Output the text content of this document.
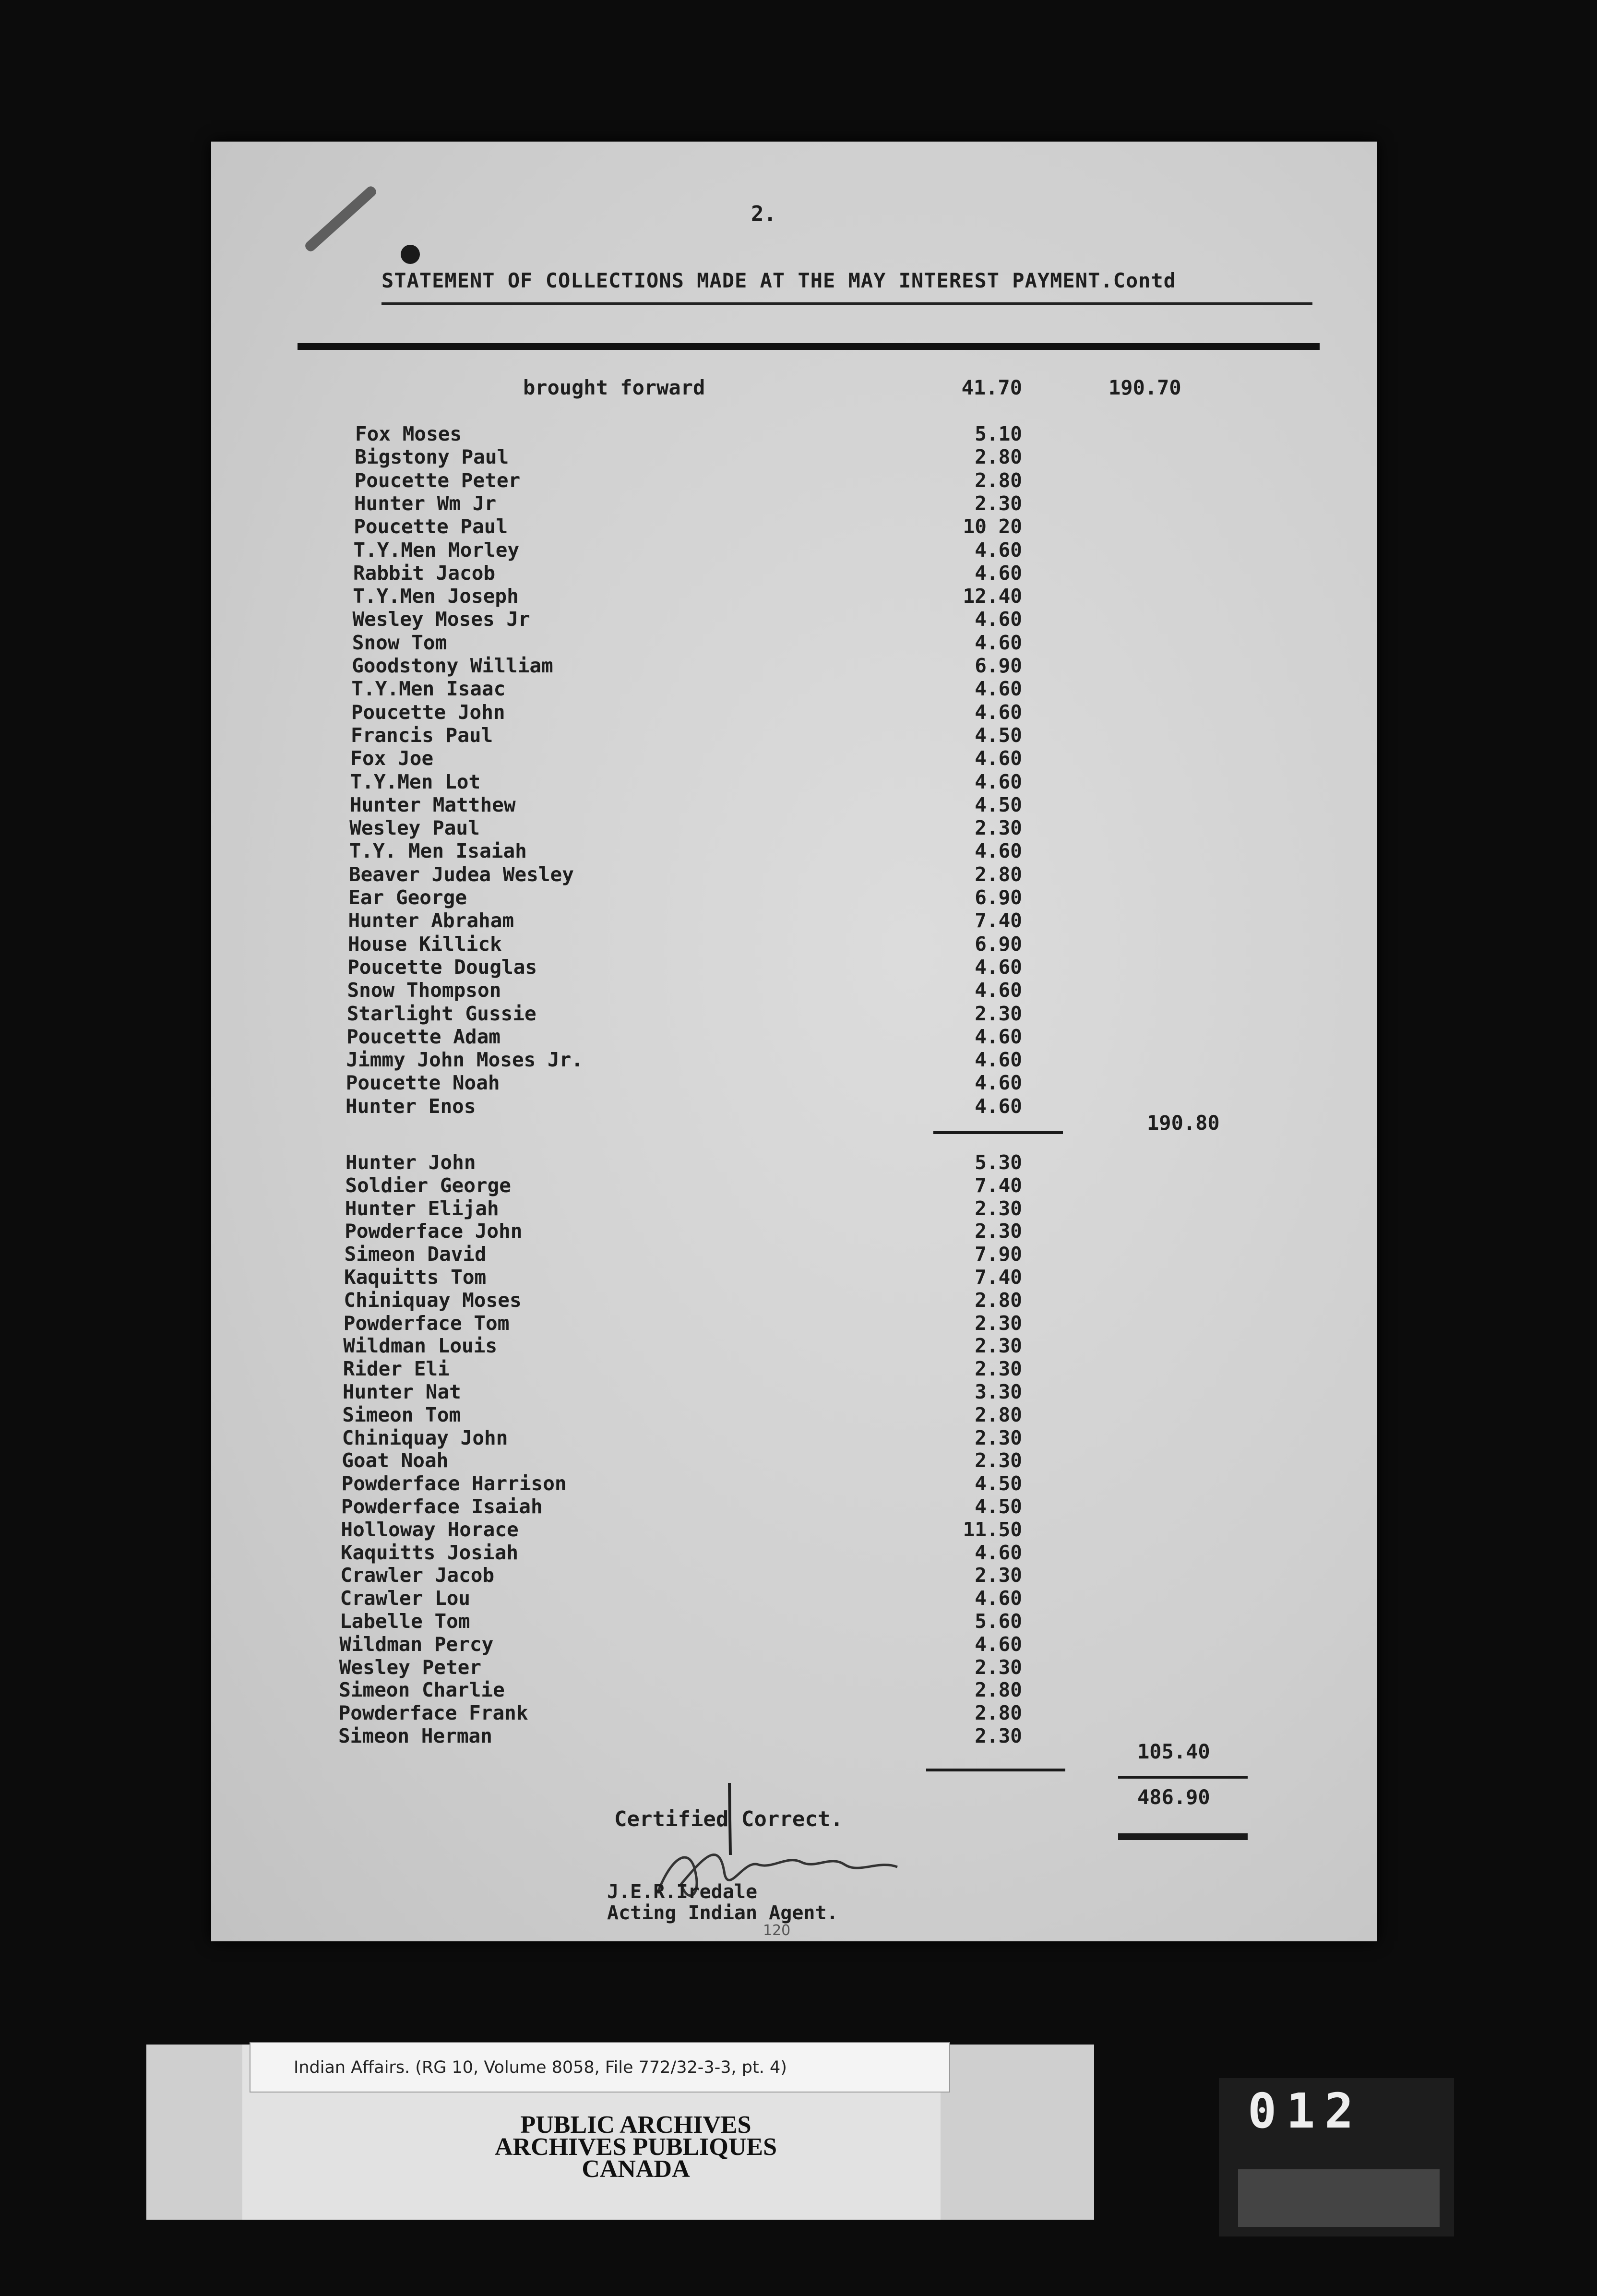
2.
STATEMENT OF COLLECTIONS MADE AT THE MAY INTEREST PAYMENT.Contd
brought forward	41.70	190.70
Fox Moses	5.10
Bigstony Paul	2.80
Poucette Peter	2.80
Hunter Wm Jr	2.30
Poucette Paul	10 20
T.Y.Men Morley	4.60
Rabbit Jacob	4.60
T.Y.Men Joseph	12.40
Wesley Moses Jr	4.60
Snow Tom	4.60
Goodstony William	6.90
T.Y.Men Isaac	4.60
Poucette John	4.60
Francis Paul	4.50
Fox Joe	4.60
T.Y.Men Lot	4.60
Hunter Matthew	4.50
Wesley Paul	2.30
T.Y. Men Isaiah	4.60
Beaver Judea Wesley	2.80
Ear George	6.90
Hunter Abraham	7.40
House Killick	6.90
Poucette Douglas	4.60
Snow Thompson	4.60
Starlight Gussie	2.30
Poucette Adam	4.60
Jimmy John Moses Jr.	4.60
Poucette Noah	4.60
Hunter Enos	4.60
190.80
Hunter John	5.30
Soldier George	7.40
Hunter Elijah	2.30
Powderface John	2.30
Simeon David	7.90
Kaquitts Tom	7.40
Chiniquay Moses	2.80
Powderface Tom	2.30
Wildman Louis	2.30
Rider Eli	2.30
Hunter Nat	3.30
Simeon Tom	2.80
Chiniquay John	2.30
Goat Noah	2.30
Powderface Harrison	4.50
Powderface Isaiah	4.50
Holloway Horace	11.50
Kaquitts Josiah	4.60
Crawler Jacob	2.30
Crawler Lou	4.60
Labelle Tom	5.60
Wildman Percy	4.60
Wesley Peter	2.30
Simeon Charlie	2.80
Powderface Frank	2.80
Simeon Herman	2.30
105.40
486.90
Certified Correct.
J.E.R.Iredale
Acting Indian Agent.
120
Indian Affairs. (RG 10, Volume 8058, File 772/32-3-3, pt. 4)
PUBLIC ARCHIVES
ARCHIVES PUBLIQUES
CANADA
012
